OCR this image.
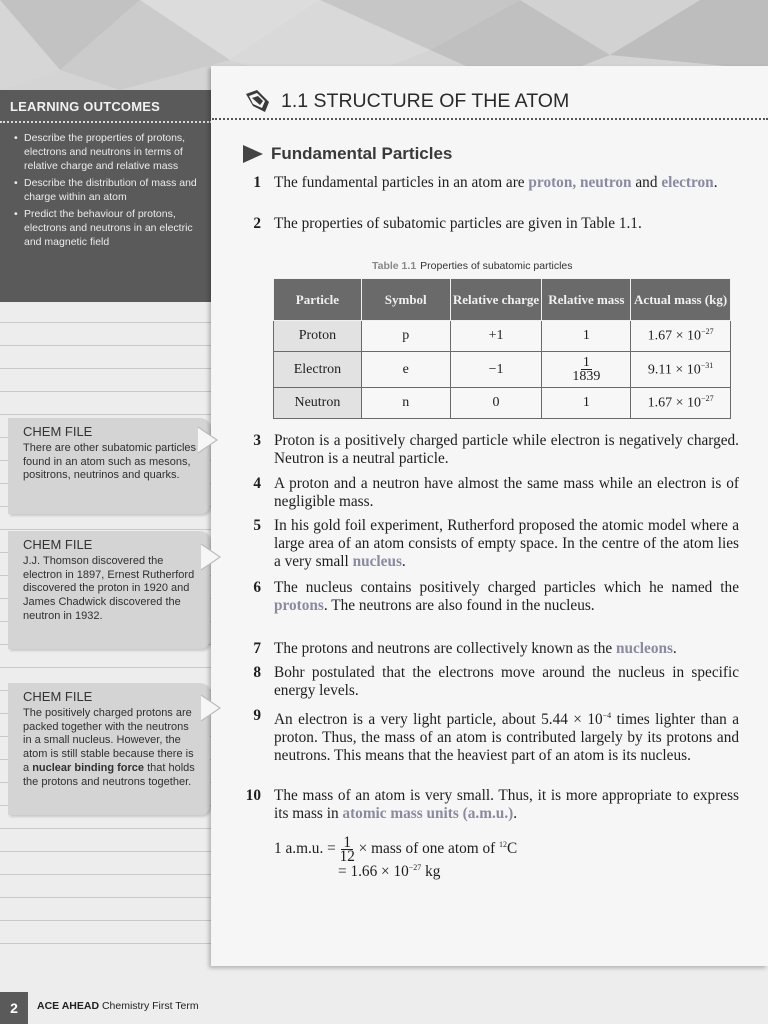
LEARNING OUTCOMES
• Describe the properties of protons, electrons and neutrons in terms of relative charge and relative mass
• Describe the distribution of mass and charge within an atom
• Predict the behaviour of protons, electrons and neutrons in an electric and magnetic field
CHEM FILE
There are other subatomic particles found in an atom such as mesons, positrons, neutrinos and quarks.
CHEM FILE
J.J. Thomson discovered the electron in 1897, Ernest Rutherford discovered the proton in 1920 and James Chadwick discovered the neutron in 1932.
CHEM FILE
The positively charged protons are packed together with the neutrons in a small nucleus. However, the atom is still stable because there is a nuclear binding force that holds the protons and neutrons together.
1.1 STRUCTURE OF THE ATOM
Fundamental Particles
1 The fundamental particles in an atom are proton, neutron and electron.
2 The properties of subatomic particles are given in Table 1.1.
Table 1.1 Properties of subatomic particles
Particle	Symbol	Relative charge	Relative mass	Actual mass (kg)
Proton	p	+1	1	$1.67 \times 10^{-27}$
Electron	e	−1	$\frac{1}{1839}$	$9.11 \times 10^{-31}$
Neutron	n	0	1	$1.67 \times 10^{-27}$
3 Proton is a positively charged particle while electron is negatively charged. Neutron is a neutral particle.
4 A proton and a neutron have almost the same mass while an electron is of negligible mass.
5 In his gold foil experiment, Rutherford proposed the atomic model where a large area of an atom consists of empty space. In the centre of the atom lies a very small nucleus.
6 The nucleus contains positively charged particles which he named the protons. The neutrons are also found in the nucleus.
7 The protons and neutrons are collectively known as the nucleons.
8 Bohr postulated that the electrons move around the nucleus in specific energy levels.
9 An electron is a very light particle, about $5.44 \times 10^{-4}$ times lighter than a proton. Thus, the mass of an atom is contributed largely by its protons and neutrons. This means that the heaviest part of an atom is its nucleus.
10 The mass of an atom is very small. Thus, it is more appropriate to express its mass in atomic mass units (a.m.u.).
1 a.m.u. = $\frac{1}{12}$ × mass of one atom of $^{12}$C
= $1.66 \times 10^{-27}$ kg
2	ACE AHEAD Chemistry First Term
